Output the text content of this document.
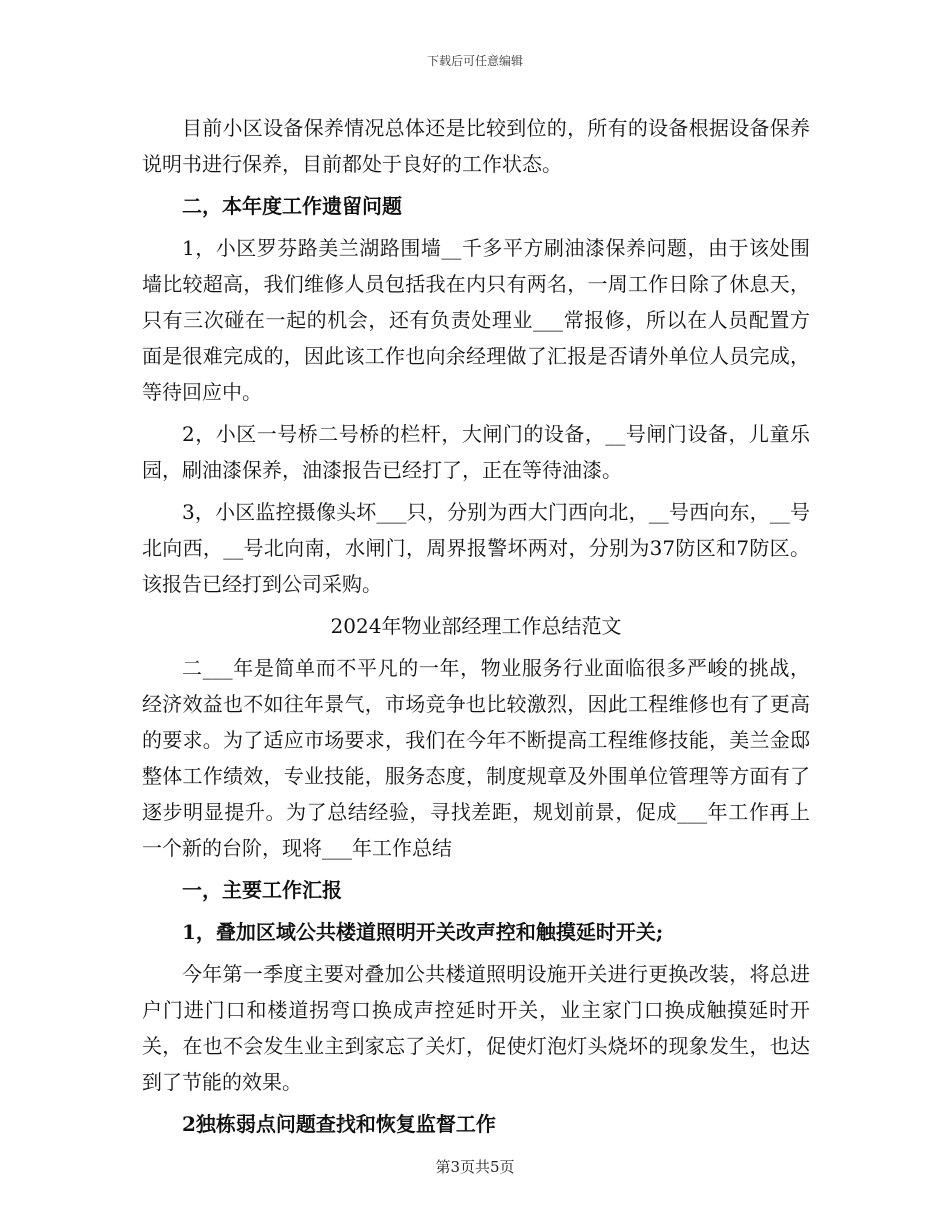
下载后可任意编辑

目前小区设备保养情况总体还是比较到位的，所有的设备根据设备保养说明书进行保养，目前都处于良好的工作状态。

二，本年度工作遗留问题

1，小区罗芬路美兰湖路围墙__千多平方刷油漆保养问题，由于该处围墙比较超高，我们维修人员包括我在内只有两名，一周工作日除了休息天，只有三次碰在一起的机会，还有负责处理业___常报修，所以在人员配置方面是很难完成的，因此该工作也向余经理做了汇报是否请外单位人员完成，等待回应中。

2，小区一号桥二号桥的栏杆，大闸门的设备，__号闸门设备，儿童乐园，刷油漆保养，油漆报告已经打了，正在等待油漆。

3，小区监控摄像头坏___只，分别为西大门西向北，__号西向东，__号北向西，__号北向南，水闸门，周界报警坏两对，分别为37防区和7防区。该报告已经打到公司采购。

2024年物业部经理工作总结范文

二___年是简单而不平凡的一年，物业服务行业面临很多严峻的挑战，经济效益也不如往年景气，市场竞争也比较激烈，因此工程维修也有了更高的要求。为了适应市场要求，我们在今年不断提高工程维修技能，美兰金邸整体工作绩效，专业技能，服务态度，制度规章及外围单位管理等方面有了逐步明显提升。为了总结经验，寻找差距，规划前景，促成___年工作再上一个新的台阶，现将___年工作总结

一，主要工作汇报

1，叠加区域公共楼道照明开关改声控和触摸延时开关;

今年第一季度主要对叠加公共楼道照明设施开关进行更换改装，将总进户门进门口和楼道拐弯口换成声控延时开关，业主家门口换成触摸延时开关，在也不会发生业主到家忘了关灯，促使灯泡灯头烧坏的现象发生，也达到了节能的效果。

2独栋弱点问题查找和恢复监督工作

第3页共5页
